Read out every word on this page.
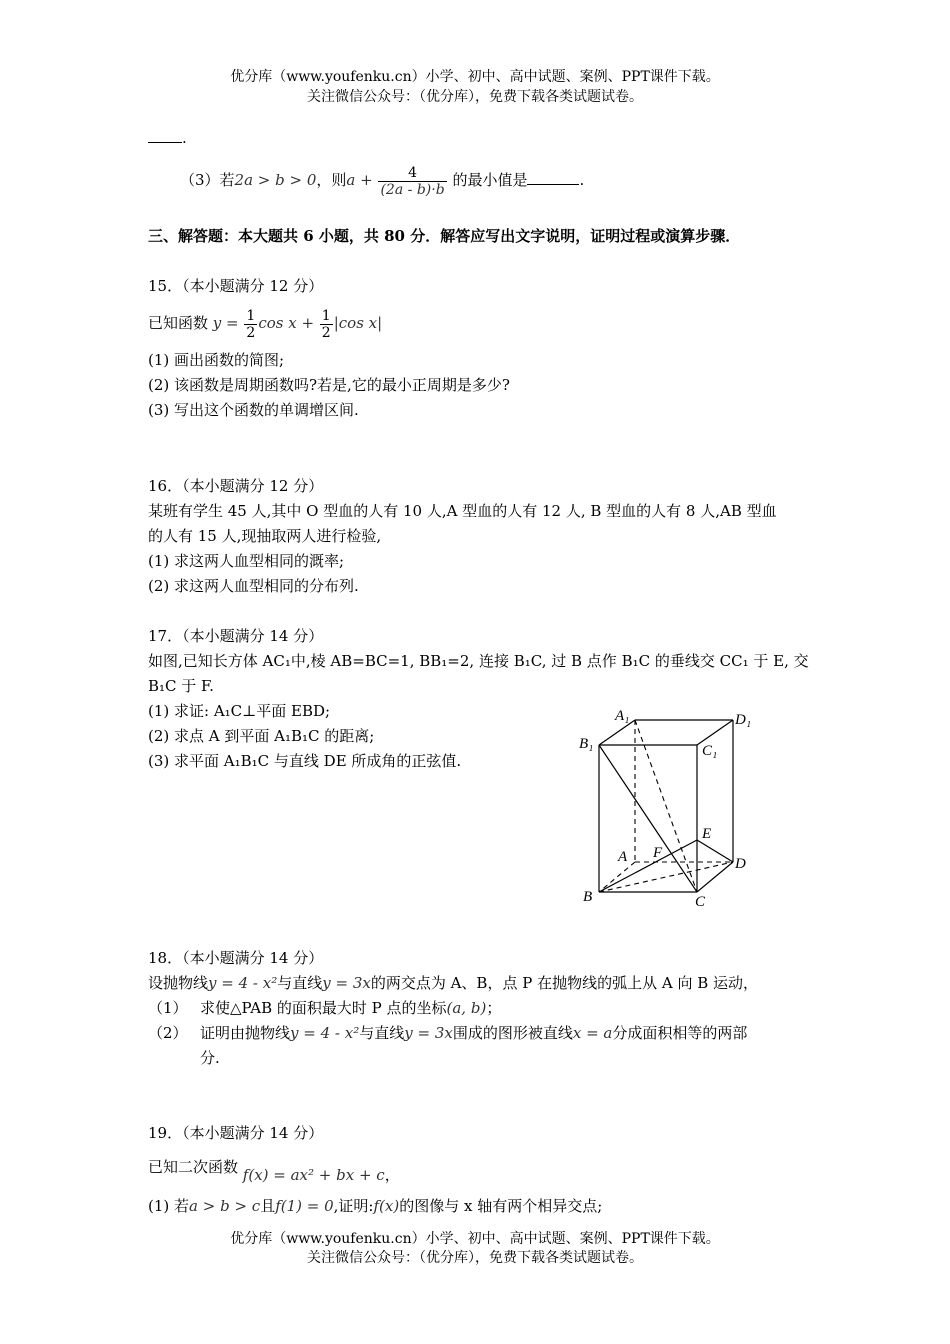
优分库（www.youfenku.cn）小学、初中、高中试题、案例、PPT课件下载。
关注微信公众号：（优分库），免费下载各类试题试卷。
.
（3）若2a > b > 0，则$a + \frac{4}{(2a - b)\cdot b}$ 的最小值是	.
三、解答题：本大题共 6 小题，共 80 分．解答应写出文字说明，证明过程或演算步骤．
15．（本小题满分 12 分）
已知函数 $y = \frac{1}{2}$ $\cos x + \frac{1}{2} |\cos$ x|
(1) 画出函数的简图;
(2) 该函数是周期函数吗?若是,它的最小正周期是多少?
(3) 写出这个函数的单调增区间.
16．（本小题满分 12 分）
某班有学生 45 人,其中 O 型血的人有 10 人,A 型血的人有 12 人, B 型血的人有 8 人,AB 型血
的人有 15 人,现抽取两人进行检验,
(1) 求这两人血型相同的溉率;
(2) 求这两人血型相同的分布列.
17．（本小题满分 14 分）
如图,已知长方体 AC₁中,棱 AB=BC=1, BB₁=2, 连接 B₁C, 过 B 点作 B₁C 的垂线交 CC₁ 于 E, 交
B₁C 于 F.
(1) 求证: A₁C⊥平面 EBD;
(2) 求点 A 到平面 A₁B₁C 的距离;
(3) 求平面 A₁B₁C 与直线 DE 所成角的正弦值.
A₁	D₁
B₁	C₁
E
A F
D
B	C
18．（本小题满分 14 分）
设抛物线y = 4 - x²与直线y = 3x的两交点为 A、B，点 P 在抛物线的弧上从 A 向 B 运动，
（1） 求使△PAB 的面积最大时 P 点的坐标(a, b)；
（2） 证明由抛物线y = 4 - x²与直线y = 3x围成的图形被直线x = a分成面积相等的两部
分.
19．（本小题满分 14 分）
已知二次函数 f(x) = ax² + bx + c，
(1) 若a > b > c且f(1) = 0,证明:f(x)的图像与 x 轴有两个相异交点;
优分库（www.youfenku.cn）小学、初中、高中试题、案例、PPT课件下载。
关注微信公众号：（优分库），免费下载各类试题试卷。
